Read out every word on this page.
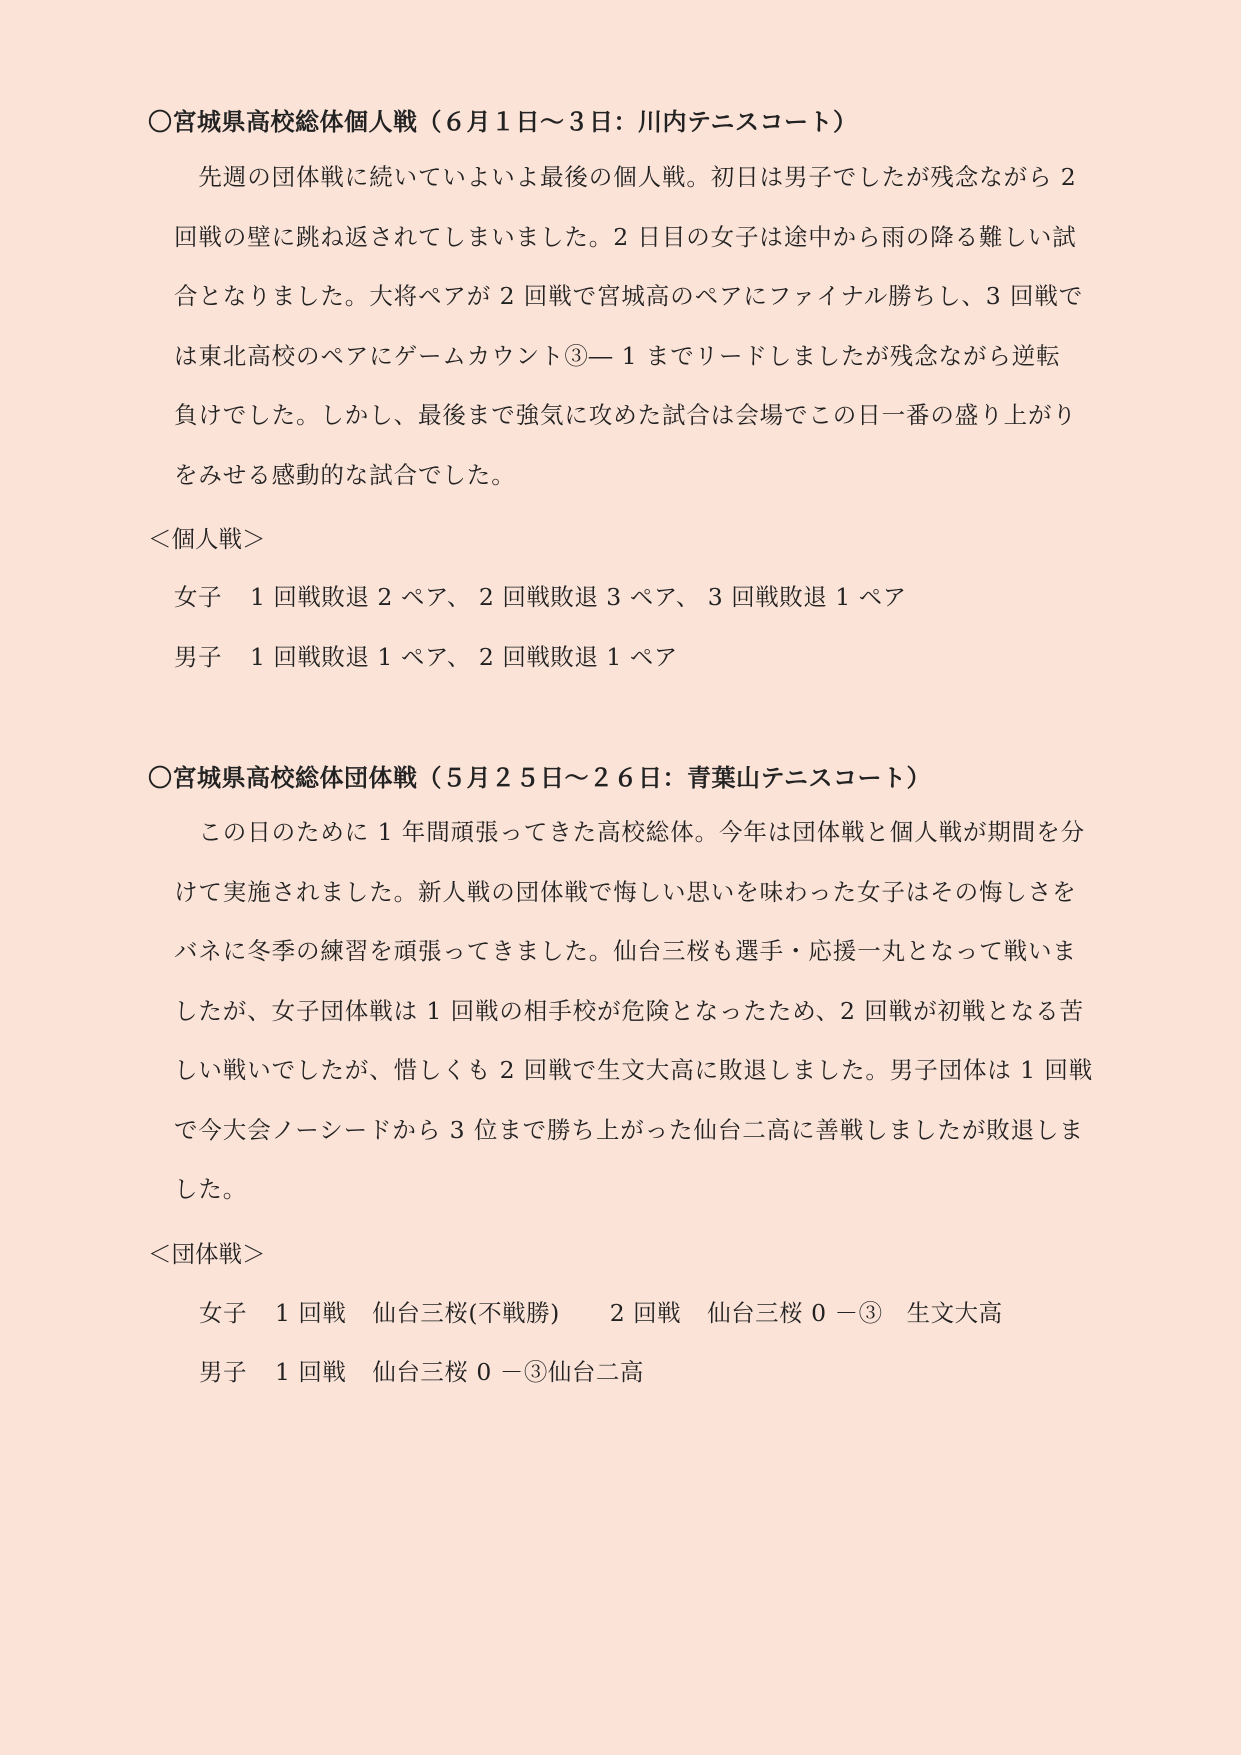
〇宮城県高校総体個人戦（６月１日～３日：川内テニスコート）
　先週の団体戦に続いていよいよ最後の個人戦。初日は男子でしたが残念ながら 2
回戦の壁に跳ね返されてしまいました。2 日目の女子は途中から雨の降る難しい試
合となりました。大将ペアが 2 回戦で宮城高のペアにファイナル勝ちし、3 回戦で
は東北高校のペアにゲームカウント③― 1 までリードしましたが残念ながら逆転
負けでした。しかし、最後まで強気に攻めた試合は会場でこの日一番の盛り上がり
をみせる感動的な試合でした。
＜個人戦＞
女子 1 回戦敗退 2 ペア、 2 回戦敗退 3 ペア、 3 回戦敗退 1 ペア
男子 1 回戦敗退 1 ペア、 2 回戦敗退 1 ペア
〇宮城県高校総体団体戦（５月２５日～２６日：青葉山テニスコート）
　この日のために 1 年間頑張ってきた高校総体。今年は団体戦と個人戦が期間を分
けて実施されました。新人戦の団体戦で悔しい思いを味わった女子はその悔しさを
バネに冬季の練習を頑張ってきました。仙台三桜も選手・応援一丸となって戦いま
したが、女子団体戦は 1 回戦の相手校が危険となったため、2 回戦が初戦となる苦
しい戦いでしたが、惜しくも 2 回戦で生文大高に敗退しました。男子団体は 1 回戦
で今大会ノーシードから 3 位まで勝ち上がった仙台二高に善戦しましたが敗退しま
した。
＜団体戦＞
女子 1 回戦 仙台三桜(不戦勝) 2 回戦 仙台三桜 0 －③　生文大高
男子 1 回戦 仙台三桜 0 －③仙台二高
